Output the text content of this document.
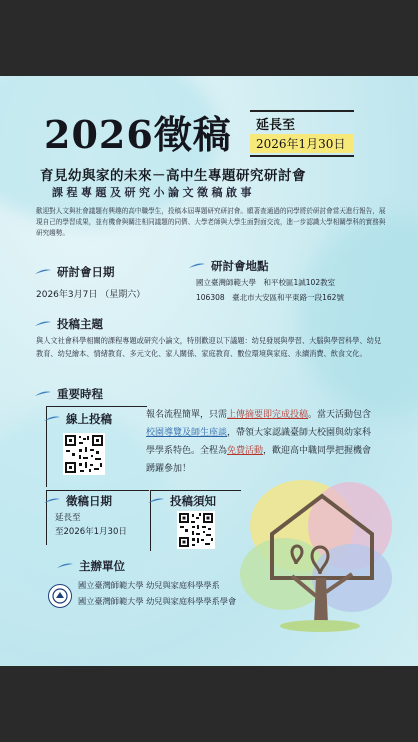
2026徵稿	延長至
2026年1月30日
育見幼與家的未來－高中生專題研究研討會
課程專題及研究小論文徵稿啟事
歡迎對人文與社會議題有興趣的高中職學生，投稿本屆專題研究研討會。願著查通過的同學將於研討會當天進行報告，展現自己的學習成果，並有機會與關注相同議題的同儕、大學老師與大學生面對面交流，進一步認識大學相關學科的實務與研究趨勢。
研討會日期
2026年3月7日 （星期六）
研討會地點
國立臺灣師範大學　和平校區1誠102教室
106308　臺北市大安區和平東路一段162號
投稿主題
與人文社會科學相關的課程專題或研究小論文，特別歡迎以下議題：幼兒發展與學習、大腦與學習科學、幼兒教育、幼兒繪本、情緒教育、多元文化、家人關係、家庭教育、數位環境與家庭、永續消費、飲食文化。
重要時程
線上投稿	報名流程簡單，只需上傳摘要即完成投稿。當天活動包含校園導覽及師生座談，帶領大家認識臺師大校園與幼家科學學系特色。全程為免費活動，歡迎高中職同學把握機會踴躍參加！
徵稿日期
延長至
至2026年1月30日
投稿須知
主辦單位
國立臺灣師範大學 幼兒與家庭科學學系
國立臺灣師範大學 幼兒與家庭科學學系學會
